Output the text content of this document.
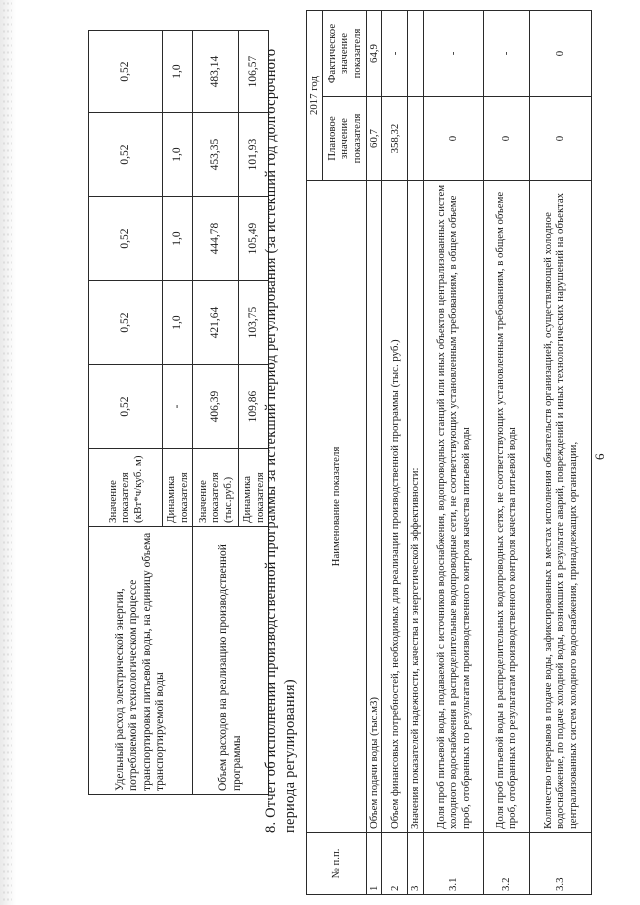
6
Удельный расход электрической энергии, потребляемой в технологическом процессе транспортировки питьевой воды, на единицу объема транспортируемой воды	Значение показателя (кВт*ч/куб. м)	0,52	0,52	0,52	0,52	0,52
	Динамика показателя	-	1,0	1,0	1,0	1,0
Объем расходов на реализацию производственной программы	Значение показателя (тыс.руб.)	406,39	421,64	444,78	453,35	483,14
	Динамика показателя	109,86	103,75	105,49	101,93	106,57 8. Отчет об исполнении производственной программы за истекший период регулирования (за истекший год долгосрочного периода регулирования)
№ п.п.	Наименование показателя	2017 год	
		Плановое значение показателя	Фактическое значение показателя
1	Объем подачи воды (тыс.м3)	60,7	64,9
2	Объем финансовых потребностей, необходимых для реализации производственной программы (тыс. руб.)	358,32	-
3	Значения показателей надежности, качества и энергетической эффективности:		
3.1	Доля проб питьевой воды, подаваемой с источников водоснабжения, водопроводных станций или иных объектов централизованных систем холодного водоснабжения в распределительные водопроводные сети, не соответствующих установленным требованиям, в общем объеме проб, отобранных по результатам производственного контроля качества питьевой воды	0	-
3.2	Доля проб питьевой воды в распределительных водопроводных сетях, не соответствующих установленным требованиям, в общем объеме проб, отобранных по результатам производственного контроля качества питьевой воды	0	-
3.3	Количество перерывов в подаче воды, зафиксированных в местах исполнения обязательств организацией, осуществляющей холодное водоснабжение, по подаче холодной воды, возникших в результате аварий, повреждений и иных технологических нарушений на объектах централизованных систем холодного водоснабжения, принадлежащих организации,	0	0
